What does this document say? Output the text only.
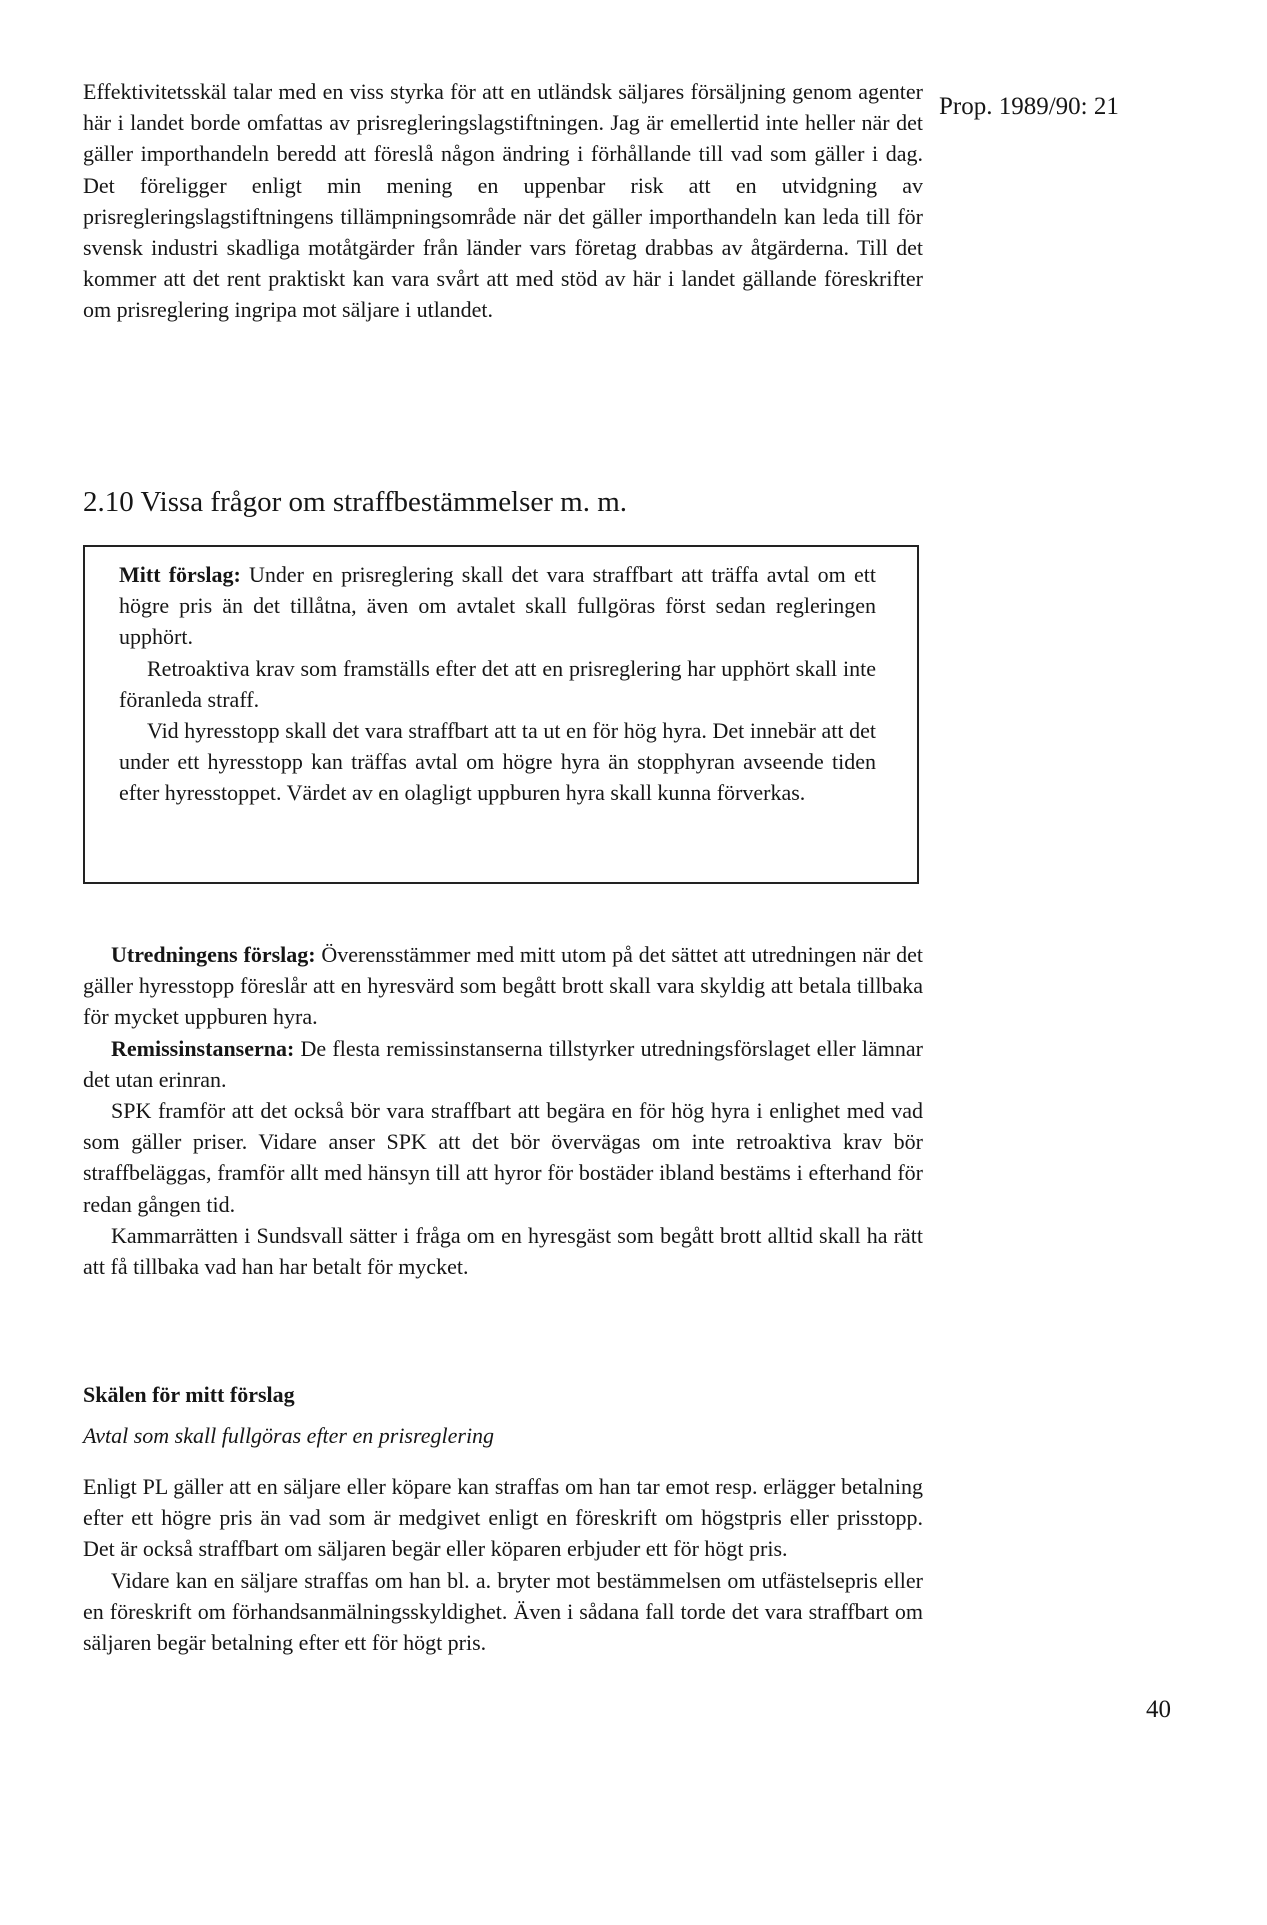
Prop. 1989/90: 21

Effektivitetsskäl talar med en viss styrka för att en utländsk säljares försäljning genom agenter här i landet borde omfattas av prisregleringslagstiftningen. Jag är emellertid inte heller när det gäller importhandeln beredd att föreslå någon ändring i förhållande till vad som gäller i dag. Det föreligger enligt min mening en uppenbar risk att en utvidgning av prisregleringslagstiftningens tillämpningsområde när det gäller importhandeln kan leda till för svensk industri skadliga motåtgärder från länder vars företag drabbas av åtgärderna. Till det kommer att det rent praktiskt kan vara svårt att med stöd av här i landet gällande föreskrifter om prisreglering ingripa mot säljare i utlandet.

2.10 Vissa frågor om straffbestämmelser m. m.

Mitt förslag: Under en prisreglering skall det vara straffbart att träffa avtal om ett högre pris än det tillåtna, även om avtalet skall fullgöras först sedan regleringen upphört.

Retroaktiva krav som framställs efter det att en prisreglering har upphört skall inte föranleda straff.

Vid hyresstopp skall det vara straffbart att ta ut en för hög hyra. Det innebär att det under ett hyresstopp kan träffas avtal om högre hyra än stopphyran avseende tiden efter hyresstoppet. Värdet av en olagligt uppburen hyra skall kunna förverkas.

Utredningens förslag: Överensstämmer med mitt utom på det sättet att utredningen när det gäller hyresstopp föreslår att en hyresvärd som begått brott skall vara skyldig att betala tillbaka för mycket uppburen hyra.

Remissinstanserna: De flesta remissinstanserna tillstyrker utredningsförslaget eller lämnar det utan erinran.

SPK framför att det också bör vara straffbart att begära en för hög hyra i enlighet med vad som gäller priser. Vidare anser SPK att det bör övervägas om inte retroaktiva krav bör straffbeläggas, framför allt med hänsyn till att hyror för bostäder ibland bestäms i efterhand för redan gången tid.

Kammarrätten i Sundsvall sätter i fråga om en hyresgäst som begått brott alltid skall ha rätt att få tillbaka vad han har betalt för mycket.

Skälen för mitt förslag
Avtal som skall fullgöras efter en prisreglering

Enligt PL gäller att en säljare eller köpare kan straffas om han tar emot resp. erlägger betalning efter ett högre pris än vad som är medgivet enligt en föreskrift om högstpris eller prisstopp. Det är också straffbart om säljaren begär eller köparen erbjuder ett för högt pris.

Vidare kan en säljare straffas om han bl. a. bryter mot bestämmelsen om utfästelsepris eller en föreskrift om förhandsanmälningsskyldighet. Även i sådana fall torde det vara straffbart om säljaren begär betalning efter ett för högt pris.

40
